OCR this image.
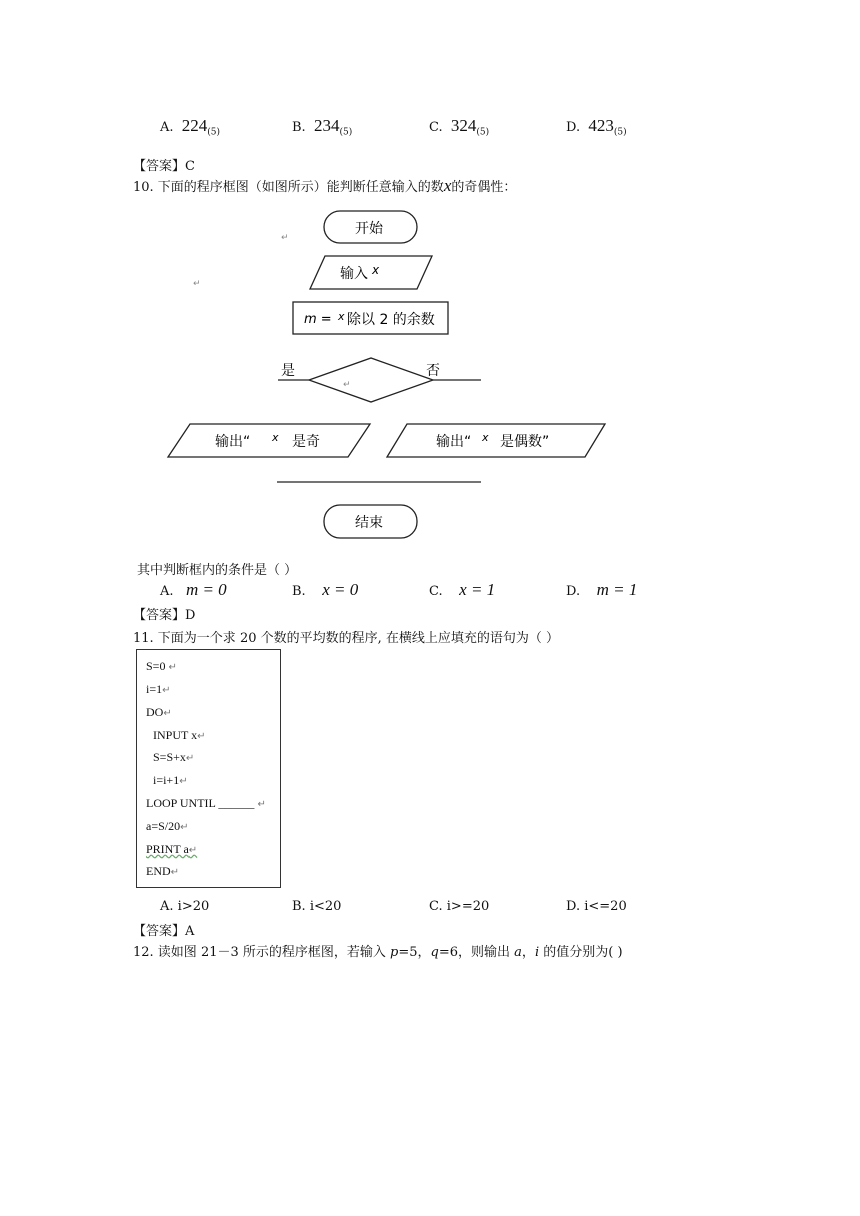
A. $224_{(5)}$	B. $234_{(5)}$	C. $324_{(5)}$	D. $423_{(5)}$
【答案】C
10. 下面的程序框图（如图所示）能判断任意输入的数x的奇偶性：
开始
↵
↵
输入 x
m = x 除以 2 的余数
是	否
↵
输出“ x 是奇	输出“ x 是偶数”
结束
其中判断框内的条件是（ ）
A. m = 0	B. x = 0	C. x = 1	D. m = 1
【答案】D
11. 下面为一个求 20 个数的平均数的程序, 在横线上应填充的语句为（ ）
S=0 ↵
i=1↵
DO↵
INPUT x↵
S=S+x↵
i=i+1↵
LOOP UNTIL ______ ↵
a=S/20↵
PRINT a↵
END↵
A. i>20	B. i<20	C. i>=20	D. i<=20
【答案】A
12. 读如图 21－3 所示的程序框图，若输入 p=5，q=6，则输出 a，i 的值分别为( )
